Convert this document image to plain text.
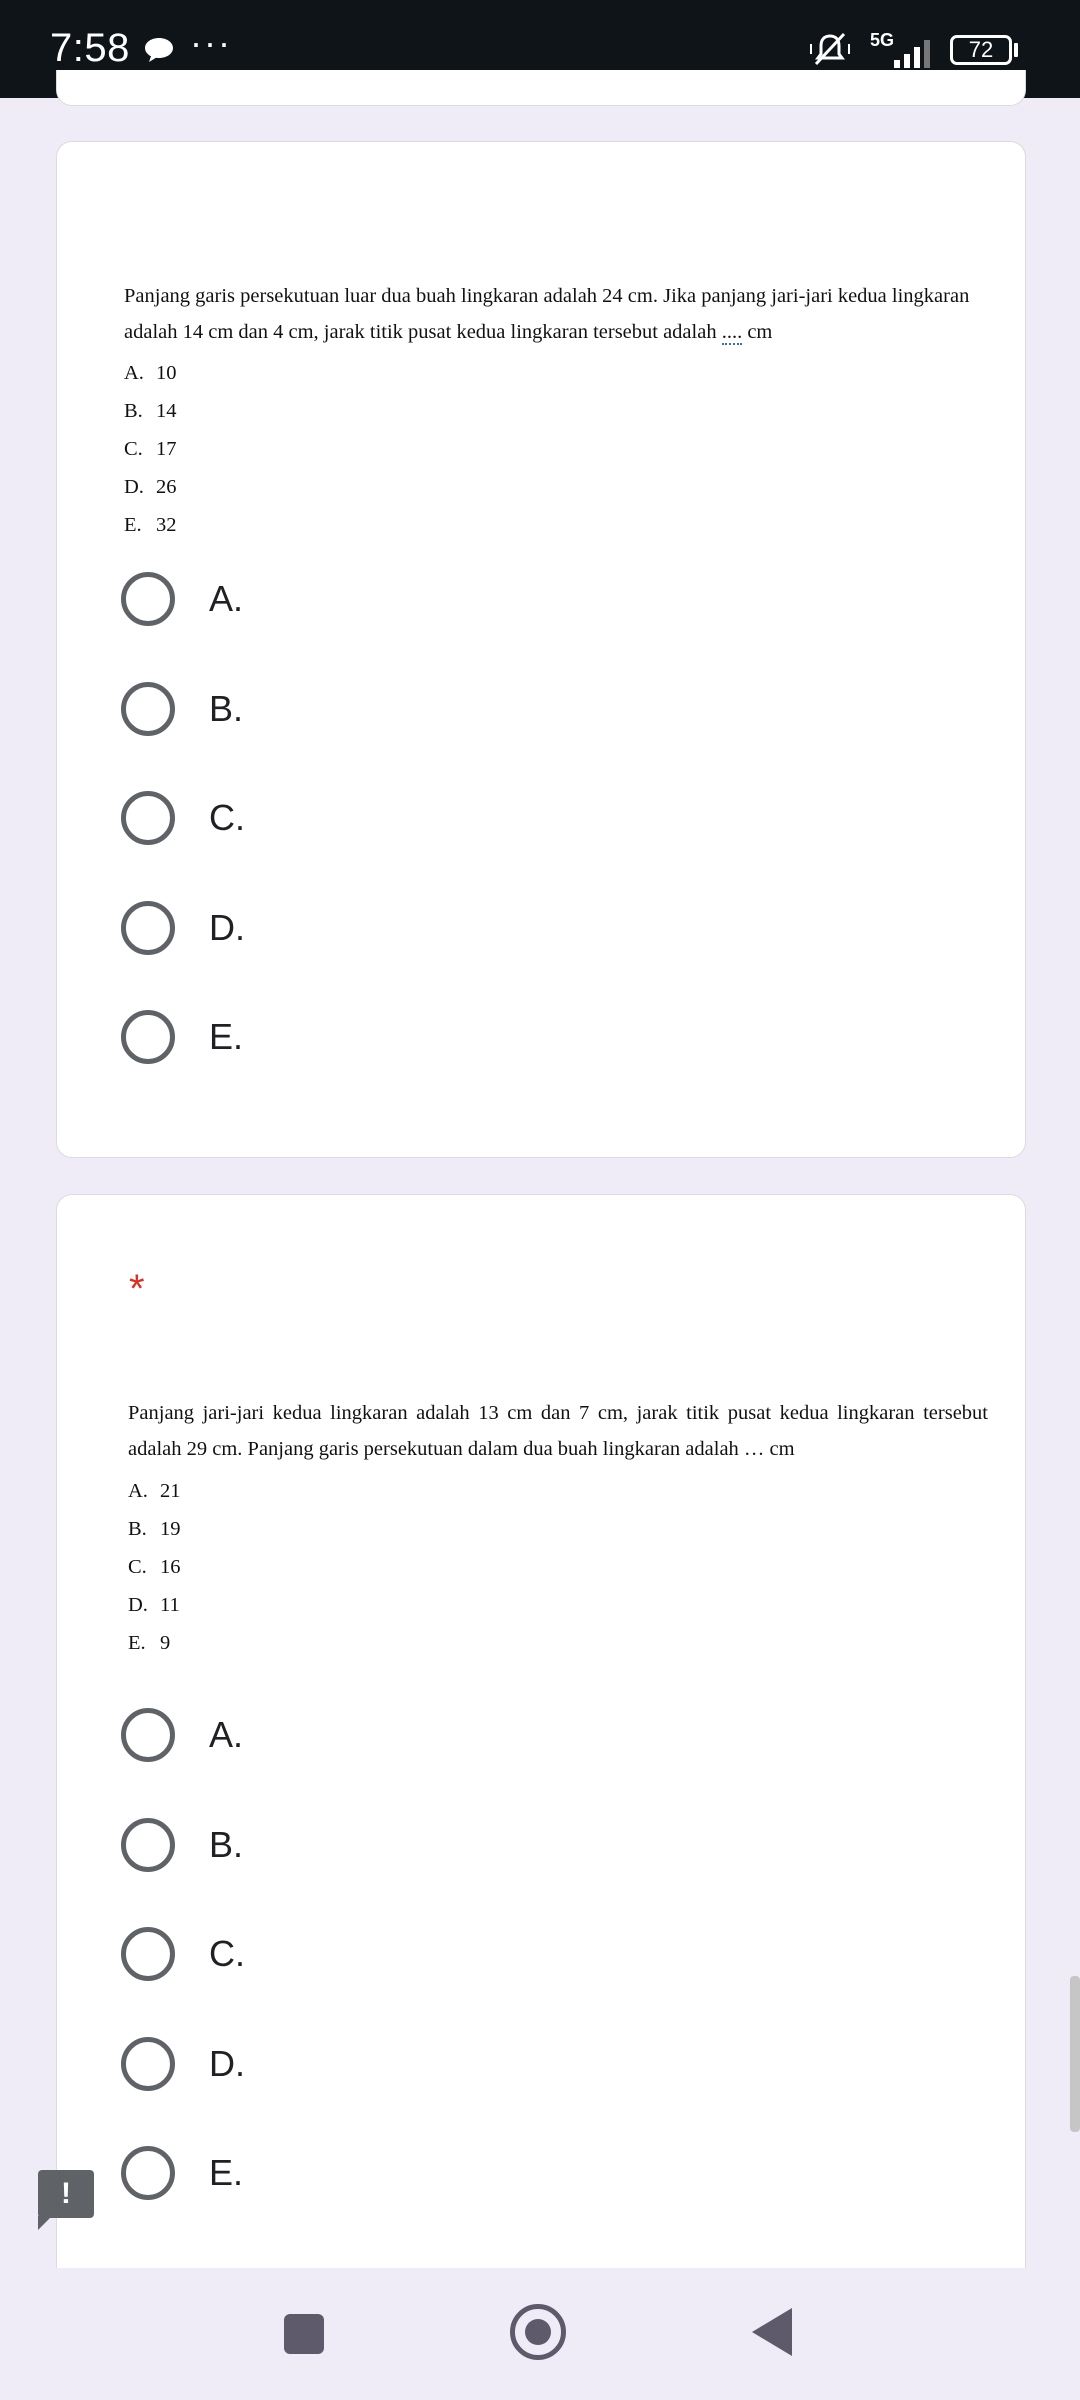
7:58 ···	5G	72
Panjang garis persekutuan luar dua buah lingkaran adalah 24 cm. Jika panjang jari-jari kedua lingkaran adalah 14 cm dan 4 cm, jarak titik pusat kedua lingkaran tersebut adalah .... cm
A. 10
B. 14
C. 17
D. 26
E. 32
A.
B.
C.
D.
E.
*
Panjang jari-jari kedua lingkaran adalah 13 cm dan 7 cm, jarak titik pusat kedua lingkaran tersebut adalah 29 cm. Panjang garis persekutuan dalam dua buah lingkaran adalah … cm
A. 21
B. 19
C. 16
D. 11
E. 9
A.
B.
C.
D.
E.
!
